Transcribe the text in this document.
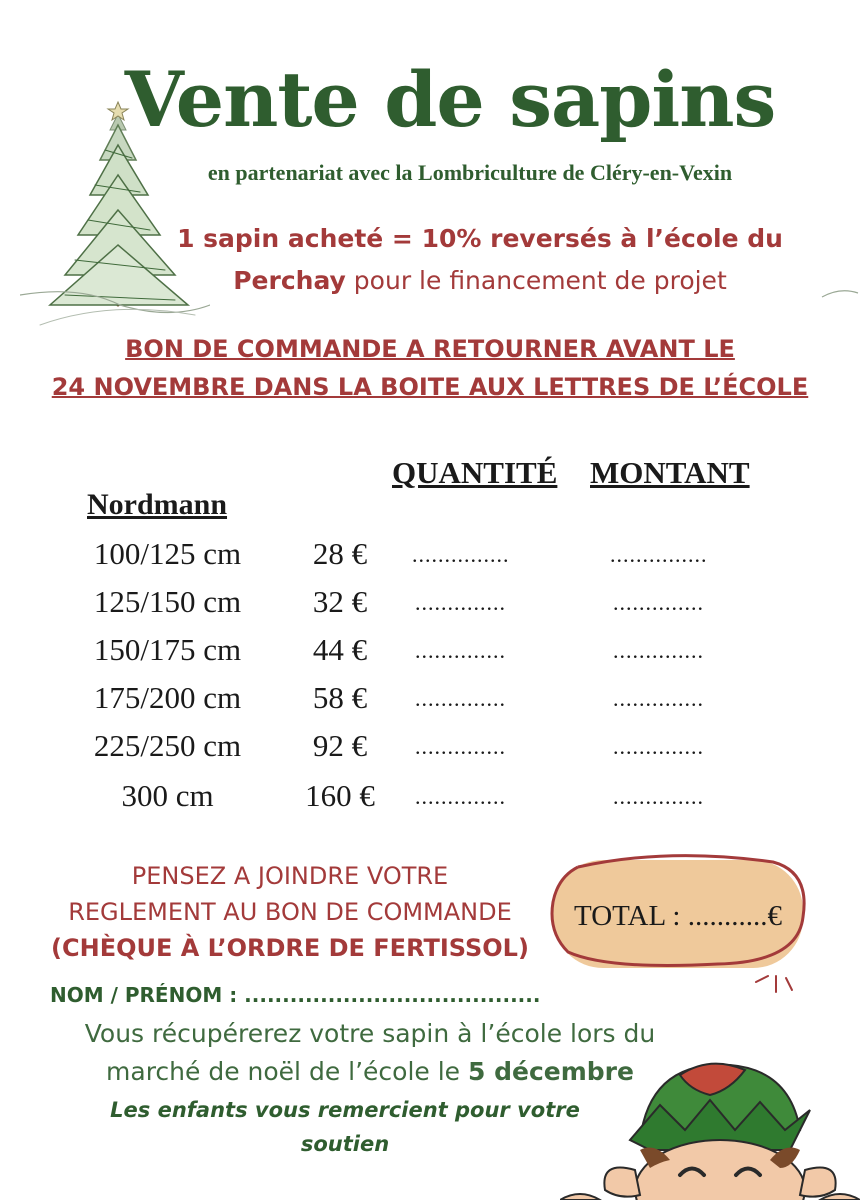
Vente de sapins
en partenariat avec la Lombriculture de Cléry-en-Vexin
1 sapin acheté = 10% reversés à l’école du
Perchay pour le financement de projet
BON DE COMMANDE A RETOURNER AVANT LE
24 NOVEMBRE DANS LA BOITE AUX LETTRES DE L’ÉCOLE
QUANTITÉ MONTANT
Nordmann
100/125 cm	28 €	...............	...............
125/150 cm	32 €	..............	..............
150/175 cm	44 €	..............	..............
175/200 cm	58 €	..............	..............
225/250 cm	92 €	..............	..............
300 cm	160 €	..............	..............
PENSEZ A JOINDRE VOTRE
REGLEMENT AU BON DE COMMANDE
(CHÈQUE À L’ORDRE DE FERTISSOL)
TOTAL : ...........€
NOM / PRÉNOM : .......................................
Vous récupérerez votre sapin à l’école lors du
marché de noël de l’école le 5 décembre
Les enfants vous remercient pour votre
soutien
